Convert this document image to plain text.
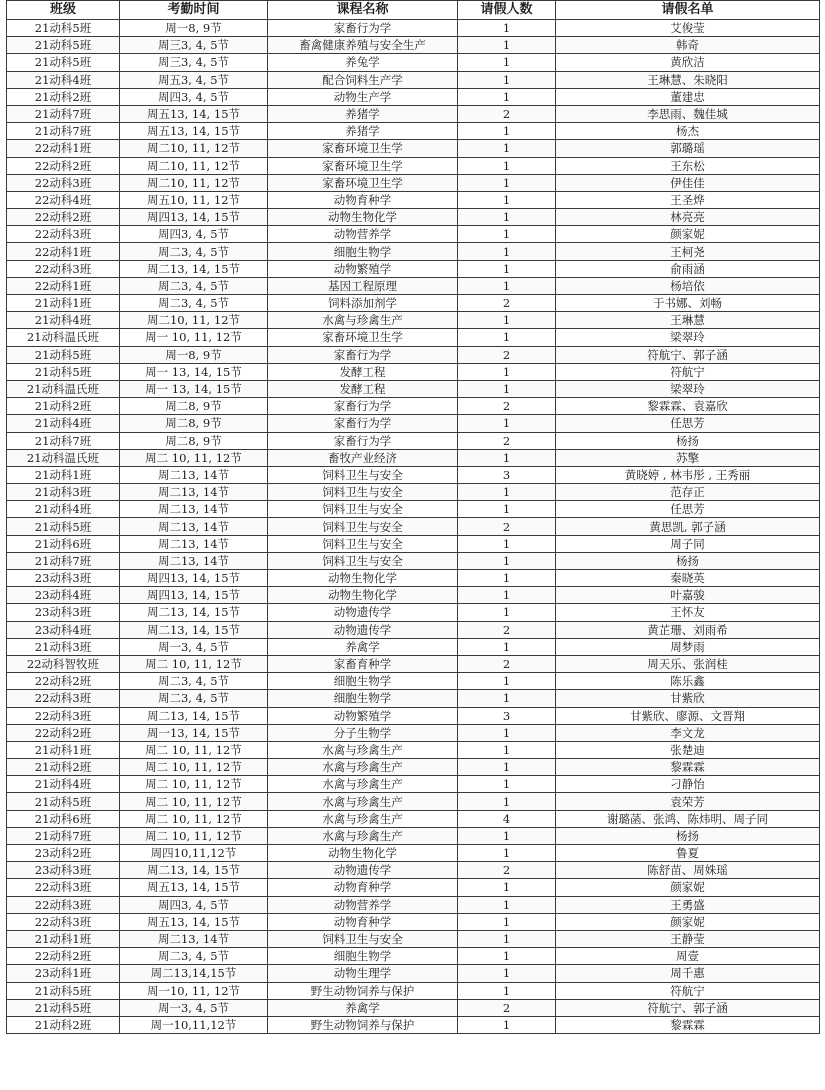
班级	考勤时间	课程名称	请假人数	请假名单
21动科5班	周一8, 9节	家畜行为学	1	艾俊莹
21动科5班	周三3, 4, 5节	畜禽健康养殖与安全生产	1	韩奇
21动科5班	周三3, 4, 5节	养兔学	1	黄欣洁
21动科4班	周五3, 4, 5节	配合饲料生产学	1	王琳慧、朱晓阳
21动科2班	周四3, 4, 5节	动物生产学	1	董建忠
21动科7班	周五13, 14, 15节	养猪学	2	李思雨、魏佳城
21动科7班	周五13, 14, 15节	养猪学	1	杨杰
22动科1班	周二10, 11, 12节	家畜环境卫生学	1	郭璐瑶
22动科2班	周二10, 11, 12节	家畜环境卫生学	1	王东松
22动科3班	周二10, 11, 12节	家畜环境卫生学	1	伊佳佳
22动科4班	周五10, 11, 12节	动物育种学	1	王圣烨
22动科2班	周四13, 14, 15节	动物生物化学	1	林亮亮
22动科3班	周四3, 4, 5节	动物营养学	1	颜家妮
22动科1班	周二3, 4, 5节	细胞生物学	1	王柯尧
22动科3班	周二13, 14, 15节	动物繁殖学	1	俞雨涵
22动科1班	周二3, 4, 5节	基因工程原理	1	杨培依
21动科1班	周二3, 4, 5节	饲料添加剂学	2	于书娜、刘畅
21动科4班	周二10, 11, 12节	水禽与珍禽生产	1	王琳慧
21动科温氏班	周一 10, 11, 12节	家畜环境卫生学	1	梁翠玲
21动科5班	周一8, 9节	家畜行为学	2	符航宁、郭子涵
21动科5班	周一 13, 14, 15节	发酵工程	1	符航宁
21动科温氏班	周一 13, 14, 15节	发酵工程	1	梁翠玲
21动科2班	周二8, 9节	家畜行为学	2	黎霖霖、袁嘉欣
21动科4班	周二8, 9节	家畜行为学	1	任思芳
21动科7班	周二8, 9节	家畜行为学	2	杨扬
21动科温氏班	周二 10, 11, 12节	畜牧产业经济	1	苏擎
21动科1班	周二13, 14节	饲料卫生与安全	3	黄晓婷 , 林韦彤 , 王秀丽
21动科3班	周二13, 14节	饲料卫生与安全	1	范存正
21动科4班	周二13, 14节	饲料卫生与安全	1	任思芳
21动科5班	周二13, 14节	饲料卫生与安全	2	黄思凯, 郭子涵
21动科6班	周二13, 14节	饲料卫生与安全	1	周子同
21动科7班	周二13, 14节	饲料卫生与安全	1	杨扬
23动科3班	周四13, 14, 15节	动物生物化学	1	秦晓英
23动科4班	周四13, 14, 15节	动物生物化学	1	叶嘉骏
23动科3班	周二13, 14, 15节	动物遗传学	1	王怀友
23动科4班	周二13, 14, 15节	动物遗传学	2	黄芷珊、刘雨希
21动科3班	周一3, 4, 5节	养禽学	1	周梦雨
22动科智牧班	周二 10, 11, 12节	家畜育种学	2	周天乐、张润桂
22动科2班	周二3, 4, 5节	细胞生物学	1	陈乐鑫
22动科3班	周二3, 4, 5节	细胞生物学	1	甘紫欣
22动科3班	周二13, 14, 15节	动物繁殖学	3	甘紫欣、廖源、文晋翔
22动科2班	周一13, 14, 15节	分子生物学	1	李文龙
21动科1班	周二 10, 11, 12节	水禽与珍禽生产	1	张楚迪
21动科2班	周二 10, 11, 12节	水禽与珍禽生产	1	黎霖霖
21动科4班	周二 10, 11, 12节	水禽与珍禽生产	1	刁静怡
21动科5班	周二 10, 11, 12节	水禽与珍禽生产	1	袁荣芳
21动科6班	周二 10, 11, 12节	水禽与珍禽生产	4	谢璐菡、张鸿、陈炜明、周子同
21动科7班	周二 10, 11, 12节	水禽与珍禽生产	1	杨扬
23动科2班	周四10,11,12节	动物生物化学	1	鲁夏
23动科3班	周二13, 14, 15节	动物遗传学	2	陈舒苗、周姝瑶
22动科3班	周五13, 14, 15节	动物育种学	1	颜家妮
22动科3班	周四3, 4, 5节	动物营养学	1	王勇盛
22动科3班	周五13, 14, 15节	动物育种学	1	颜家妮
21动科1班	周二13, 14节	饲料卫生与安全	1	王静莹
22动科2班	周二3, 4, 5节	细胞生物学	1	周壹
23动科1班	周二13,14,15节	动物生理学	1	周千惠
21动科5班	周一10, 11, 12节	野生动物饲养与保护	1	符航宁
21动科5班	周一3, 4, 5节	养禽学	2	符航宁、郭子涵
21动科2班	周一10,11,12节	野生动物饲养与保护	1	黎霖霖
